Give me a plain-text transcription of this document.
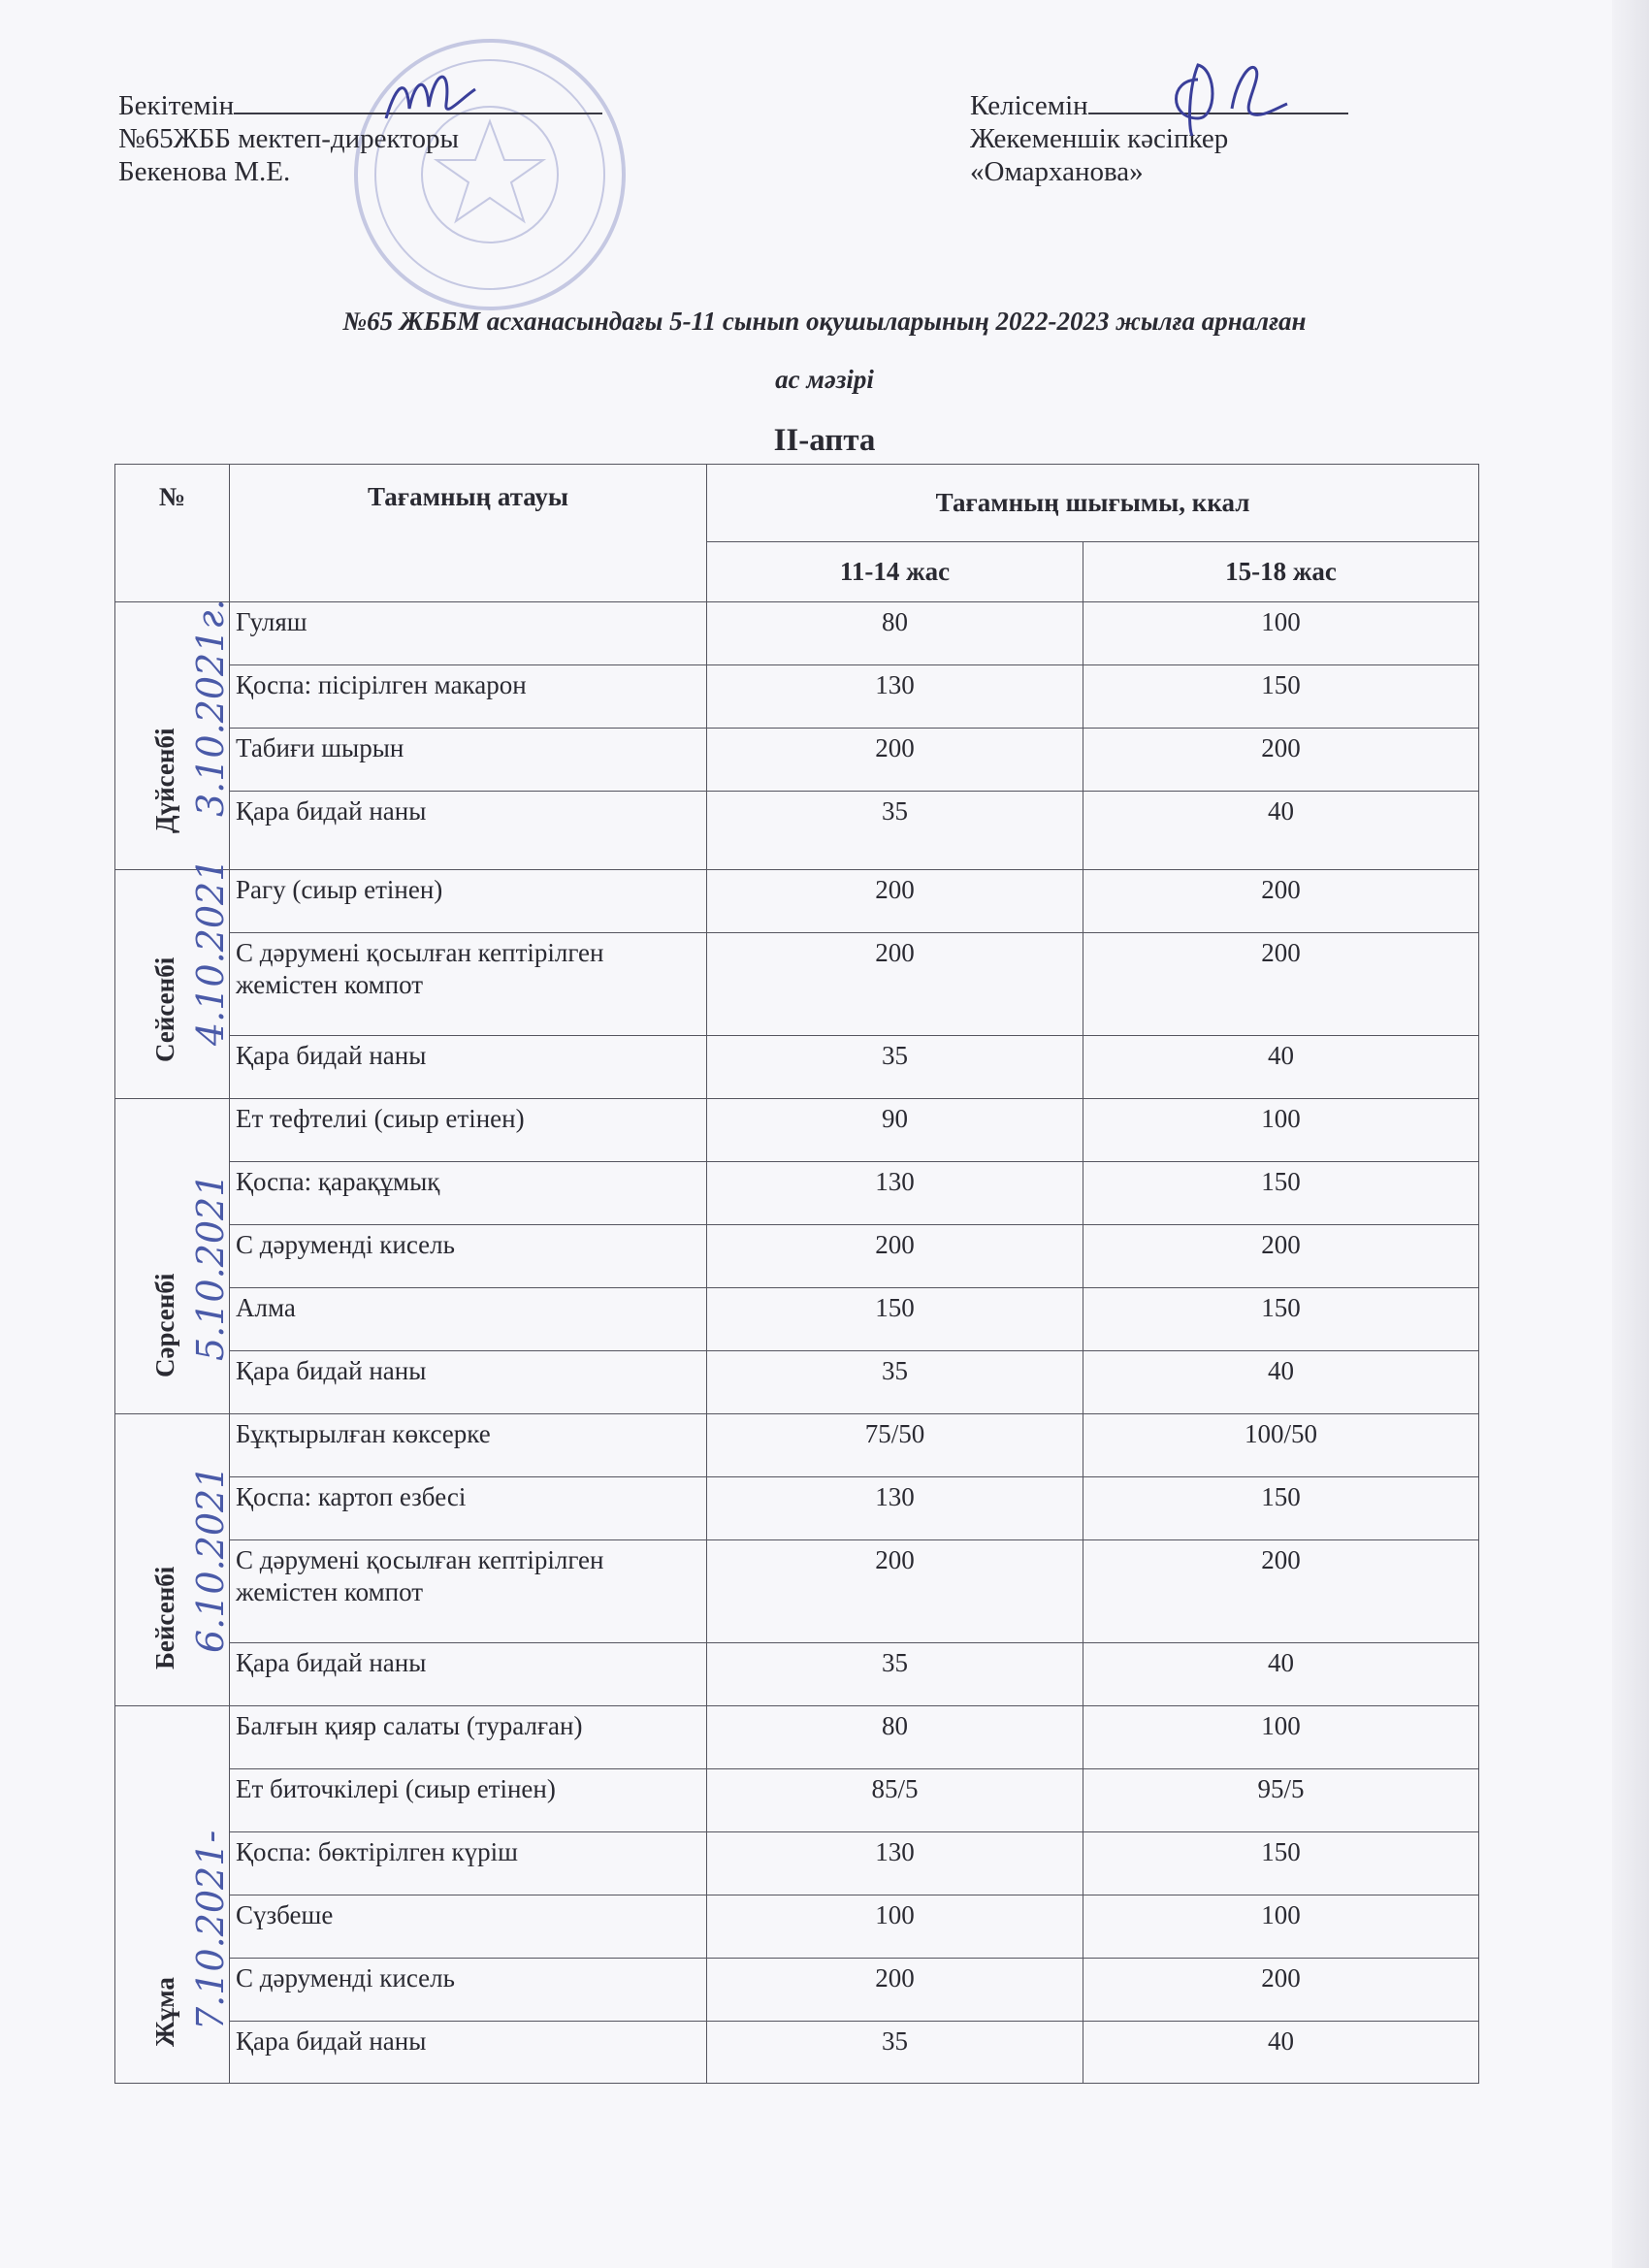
Бекітемін
№65ЖББ мектеп-директоры
Бекенова М.Е.
Келісемін
Жекеменшік кәсіпкер
«Омарханова»
№65 ЖББМ асханасындағы 5-11 сынып оқушыларының 2022-2023 жылға арналған
ас мәзірі
ІІ-апта
№	Тағамның атауы	Тағамның шығымы, ккал	
		11-14 жас	15-18 жас

Дүйсенбі 3.10.2021г.	Гуляш	80	100
	Қоспа: пісірілген макарон	130	150
	Табиғи шырын	200	200
	Қара бидай наны	35	40

Сейсенбі 4.10.2021	Рагу (сиыр етінен)	200	200
	С дәрумені қосылған кептірілген жемістен компот	200	200
	Қара бидай наны	35	40

Сәрсенбі 5.10.2021	Ет тефтелиі (сиыр етінен)	90	100
	Қоспа: қарақұмық	130	150
	С дәруменді кисель	200	200
	Алма	150	150
	Қара бидай наны	35	40

Бейсенбі 6.10.2021	Бұқтырылған көксерке	75/50	100/50
	Қоспа: картоп езбесі	130	150
	С дәрумені қосылған кептірілген жемістен компот	200	200
	Қара бидай наны	35	40

Жұма 7.10.2021-	Балғын қияр салаты (туралған)	80	100
	Ет биточкілері (сиыр етінен)	85/5	95/5
	Қоспа: бөктірілген күріш	130	150
	Сүзбеше	100	100
	С дәруменді кисель	200	200
	Қара бидай наны	35	40
